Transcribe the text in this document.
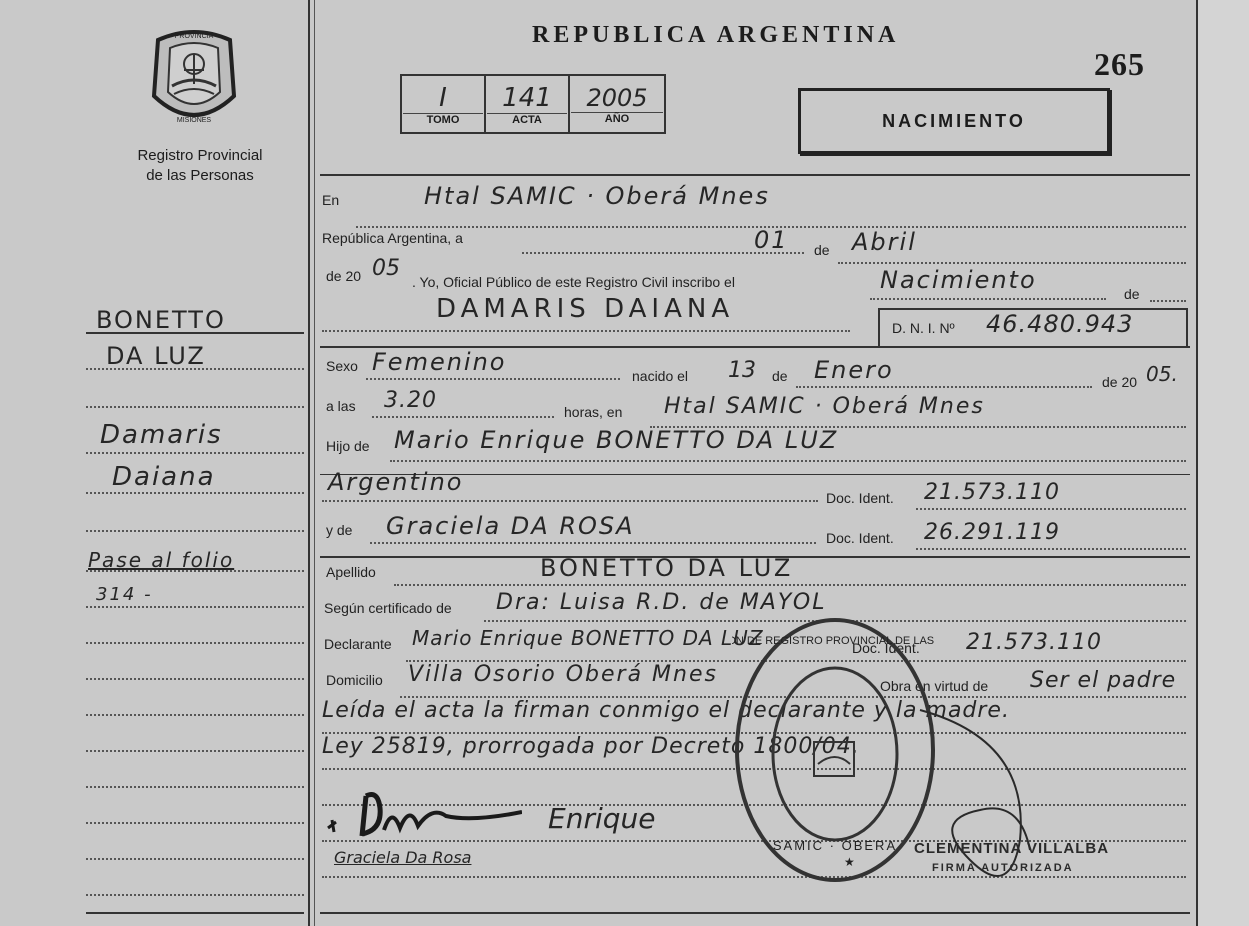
PROVINCIA
MISIONES
Registro Provincial
de las Personas
BONETTO
DA LUZ
Damaris
Daiana
Pase al folio
314 -
REPUBLICA ARGENTINA
265
I
TOMO

141
ACTA

2005
AÑO	NACIMIENTO
En	Htal SAMIC · Oberá Mnes
República Argentina, a	01 de Abril
de 20 05
. Yo, Oficial Público de este Registro Civil inscribo el	Nacimiento	de
DAMARIS DAIANA
D. N. I. Nº 46.480.943
Sexo Femenino	nacido el 13 de Enero	de 20 05.
a las 3.20	horas, en Htal SAMIC · Oberá Mnes
Hijo de Mario Enrique BONETTO DA LUZ
Argentino
Doc. Ident. 21.573.110
y de Graciela DA ROSA	Doc. Ident. 26.291.119
Apellido	BONETTO DA LUZ
Según certificado de Dra: Luisa R.D. de MAYOL
Declarante Mario Enrique BONETTO DA LUZ	Doc. Ident. 21.573.110
Domicilio Villa Osorio Oberá Mnes	Obra en virtud de Ser el padre
Leída el acta la firman conmigo el declarante y la madre.
Ley 25819, prorrogada por Decreto 1800/04.
Enrique
Graciela Da Rosa
SAMIC · OBERA
N DE REGISTRO PROVINCIAL DE LAS
★
CLEMENTINA VILLALBA
FIRMA AUTORIZADA
